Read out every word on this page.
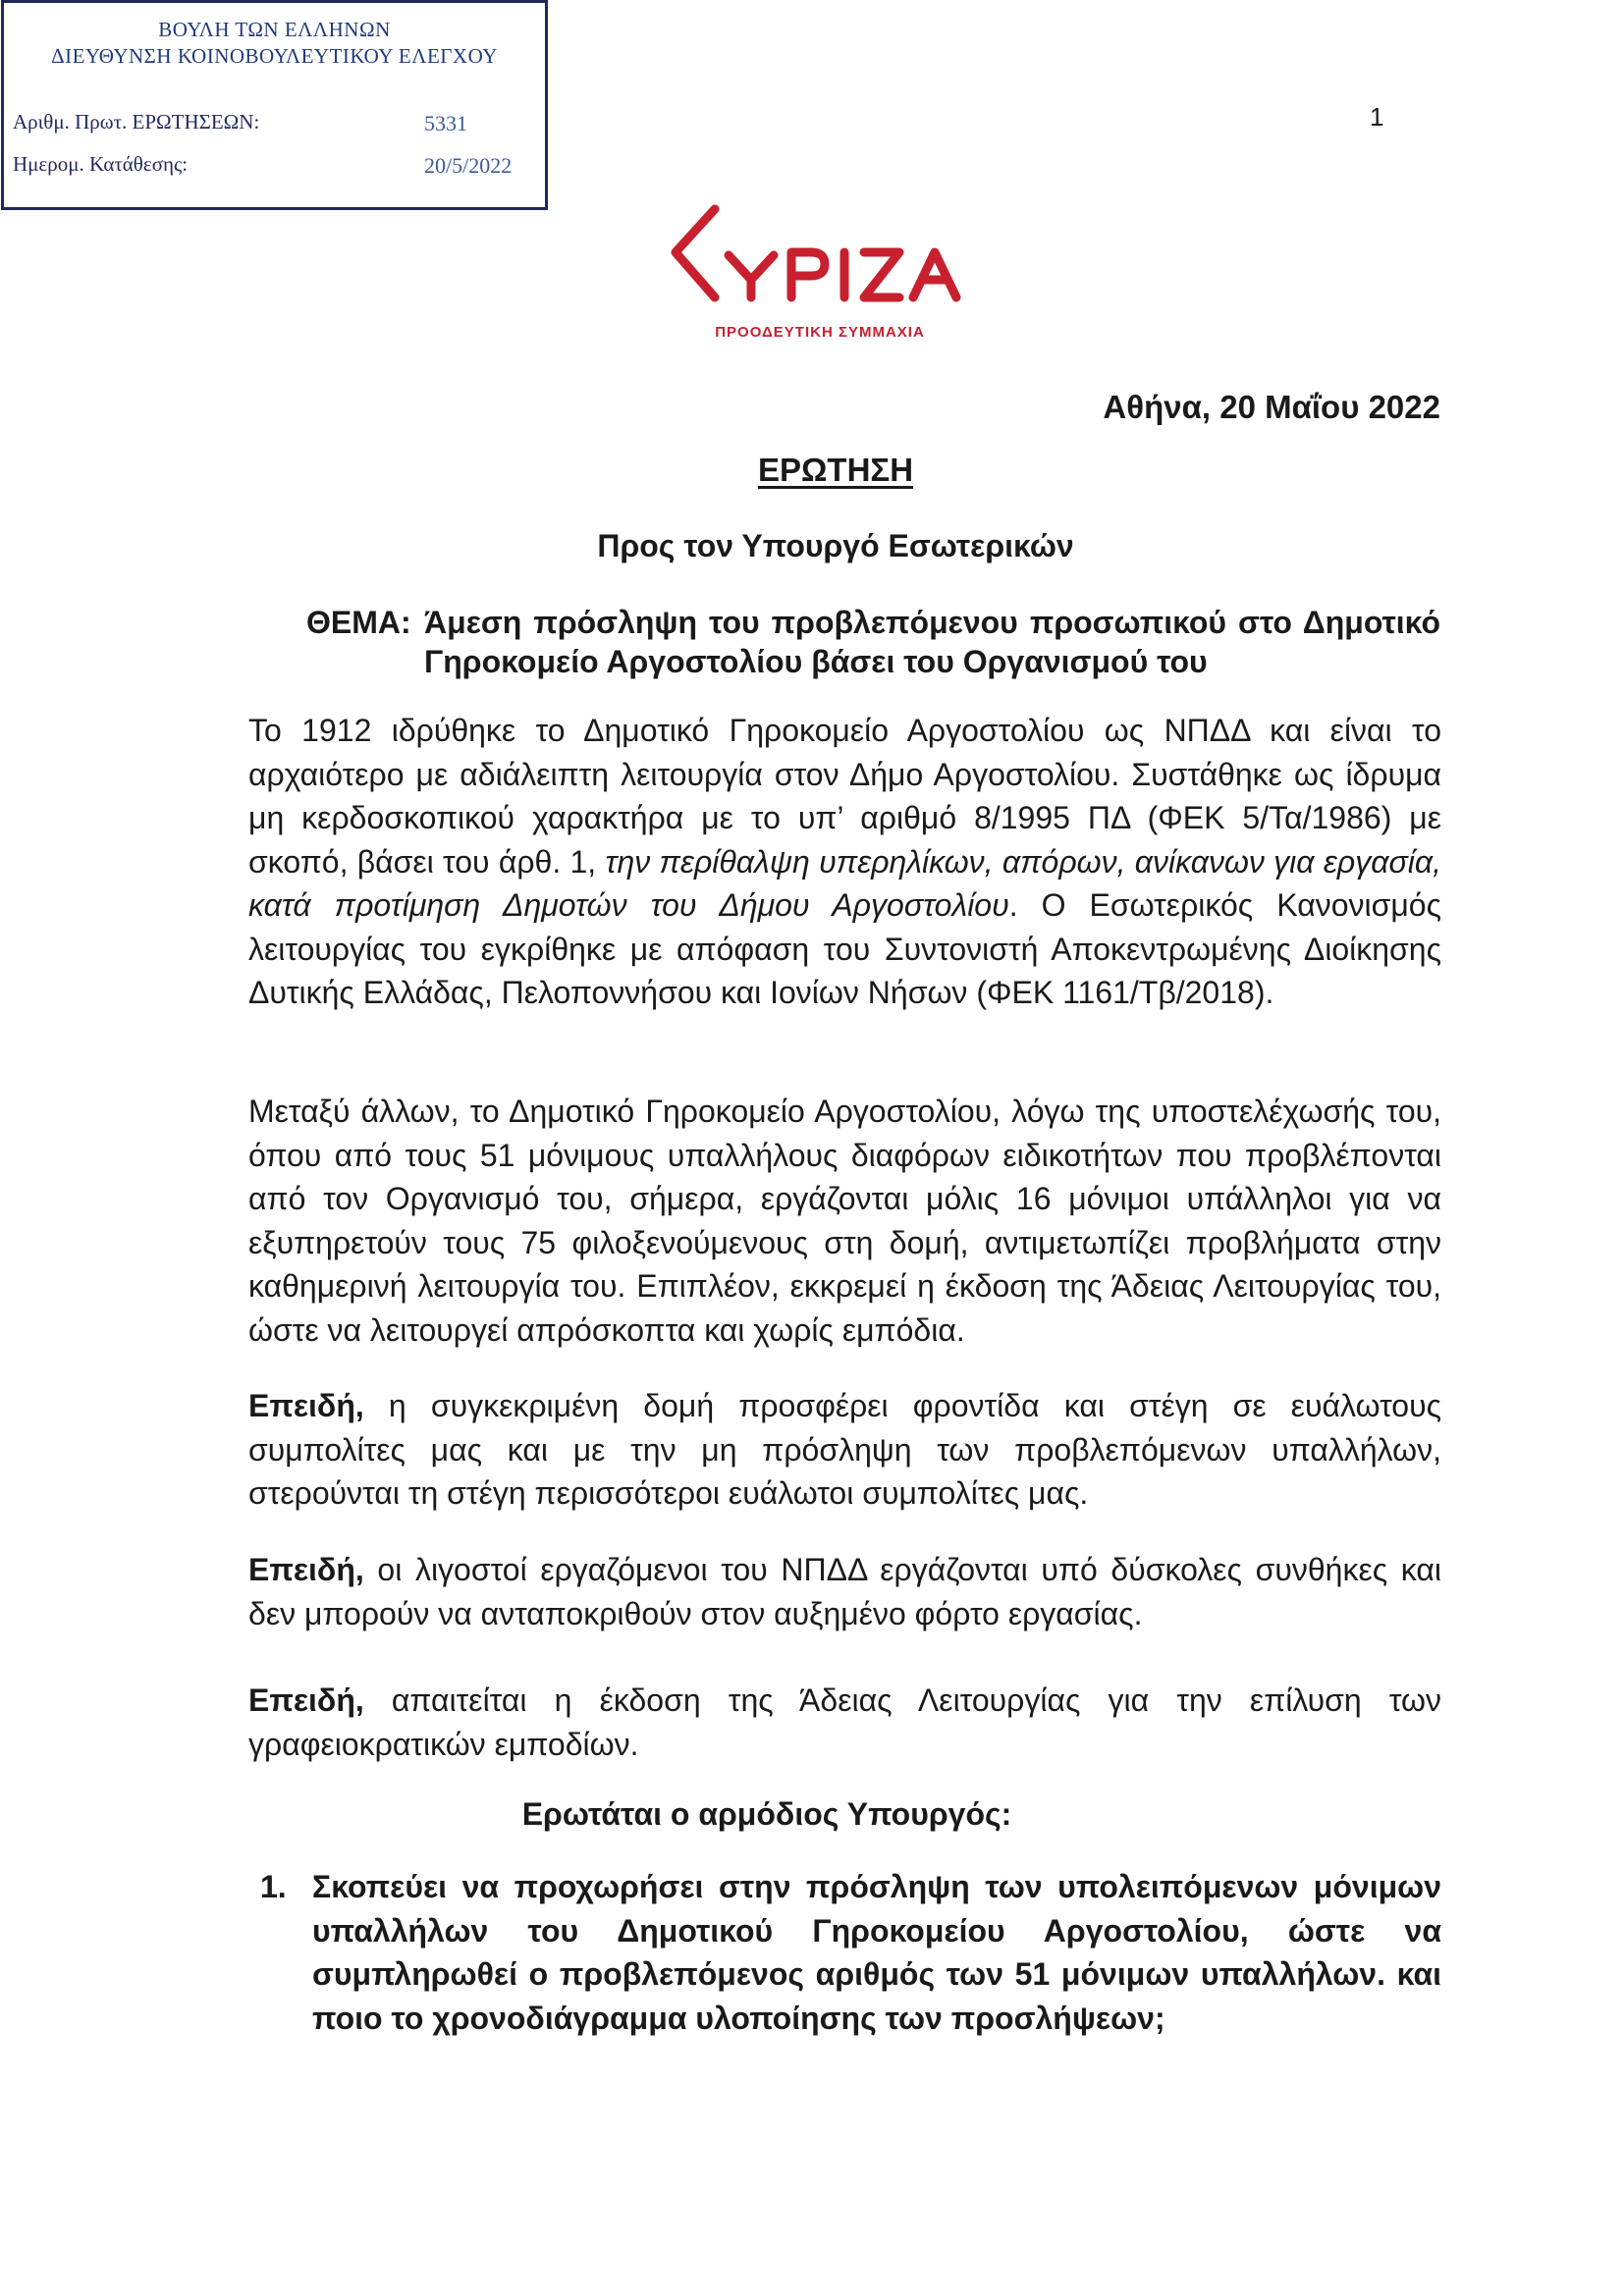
ΒΟΥΛΗ ΤΩΝ ΕΛΛΗΝΩΝ
ΔΙΕΥΘΥΝΣΗ ΚΟΙΝΟΒΟΥΛΕΥΤΙΚΟΥ ΕΛΕΓΧΟΥ
Αριθμ. Πρωτ. ΕΡΩΤΗΣΕΩΝ:	5331
Ημερομ. Κατάθεσης:	20/5/2022
1
ΠΡΟΟΔΕΥΤΙΚΗ ΣΥΜΜΑΧΙΑ
Αθήνα, 20 Μαΐου 2022
ΕΡΩΤΗΣΗ
Προς τον Υπουργό Εσωτερικών
ΘΕΜΑ: Άμεση πρόσληψη του προβλεπόμενου προσωπικού στο Δημοτικό Γηροκομείο Αργοστολίου βάσει του Οργανισμού του
Το 1912 ιδρύθηκε το Δημοτικό Γηροκομείο Αργοστολίου ως ΝΠΔΔ και είναι το αρχαιότερο με αδιάλειπτη λειτουργία στον Δήμο Αργοστολίου. Συστάθηκε ως ίδρυμα μη κερδοσκοπικού χαρακτήρα με το υπ’ αριθμό 8/1995 ΠΔ (ΦΕΚ 5/Τα/1986) με σκοπό, βάσει του άρθ. 1, την περίθαλψη υπερηλίκων, απόρων, ανίκανων για εργασία, κατά προτίμηση Δημοτών του Δήμου Αργοστολίου. Ο Εσωτερικός Κανονισμός λειτουργίας του εγκρίθηκε με απόφαση του Συντονιστή Αποκεντρωμένης Διοίκησης Δυτικής Ελλάδας, Πελοποννήσου και Ιονίων Νήσων (ΦΕΚ 1161/Τβ/2018).
Μεταξύ άλλων, το Δημοτικό Γηροκομείο Αργοστολίου, λόγω της υποστελέχωσής του, όπου από τους 51 μόνιμους υπαλλήλους διαφόρων ειδικοτήτων που προβλέπονται από τον Οργανισμό του, σήμερα, εργάζονται μόλις 16 μόνιμοι υπάλληλοι για να εξυπηρετούν τους 75 φιλοξενούμενους στη δομή, αντιμετωπίζει προβλήματα στην καθημερινή λειτουργία του. Επιπλέον, εκκρεμεί η έκδοση της Άδειας Λειτουργίας του, ώστε να λειτουργεί απρόσκοπτα και χωρίς εμπόδια.
Επειδή, η συγκεκριμένη δομή προσφέρει φροντίδα και στέγη σε ευάλωτους συμπολίτες μας και με την μη πρόσληψη των προβλεπόμενων υπαλλήλων, στερούνται τη στέγη περισσότεροι ευάλωτοι συμπολίτες μας.
Επειδή, οι λιγοστοί εργαζόμενοι του ΝΠΔΔ εργάζονται υπό δύσκολες συνθήκες και δεν μπορούν να ανταποκριθούν στον αυξημένο φόρτο εργασίας.
Επειδή, απαιτείται η έκδοση της Άδειας Λειτουργίας για την επίλυση των γραφειοκρατικών εμποδίων.
Ερωτάται ο αρμόδιος Υπουργός:
1. Σκοπεύει να προχωρήσει στην πρόσληψη των υπολειπόμενων μόνιμων υπαλλήλων του Δημοτικού Γηροκομείου Αργοστολίου, ώστε να συμπληρωθεί ο προβλεπόμενος αριθμός των 51 μόνιμων υπαλλήλων. και ποιο το χρονοδιάγραμμα υλοποίησης των προσλήψεων;
